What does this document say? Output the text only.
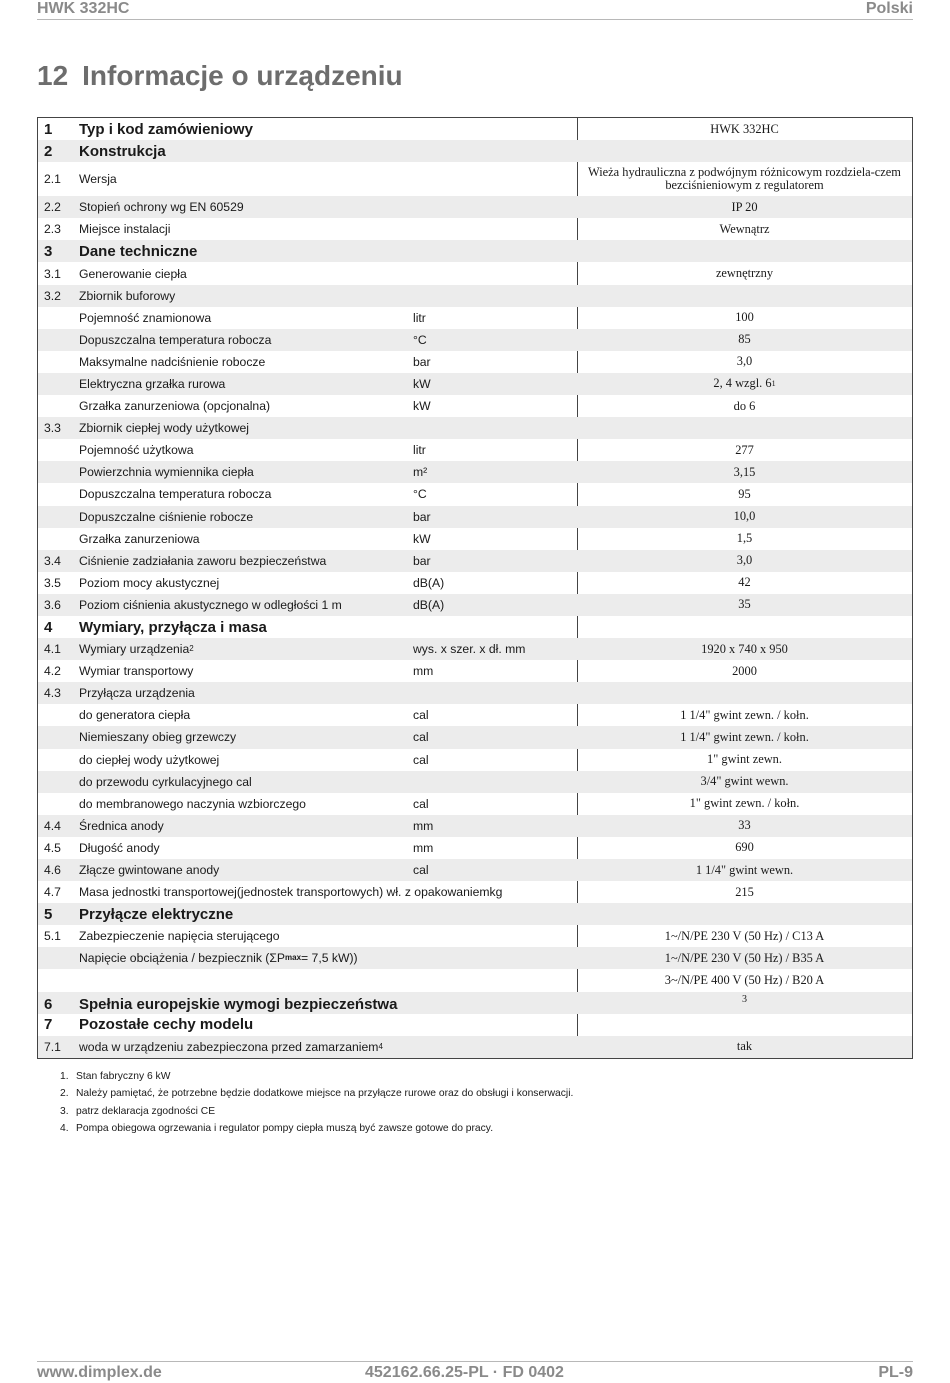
HWK 332HC	Polski
12 Informacje o urządzeniu
1	Typ i kod zamówieniowy	HWK 332HC
2	Konstrukcja
2.1	Wersja	Wieża hydrauliczna z podwójnym różnicowym rozdziela-czem bezciśnieniowym z regulatorem
2.2	Stopień ochrony wg EN 60529	IP 20
2.3	Miejsce instalacji	Wewnątrz
3	Dane techniczne
3.1	Generowanie ciepła	zewnętrzny
3.2	Zbiornik buforowy
Pojemność znamionowa	litr	100
Dopuszczalna temperatura robocza	°C	85
Maksymalne nadciśnienie robocze	bar	3,0
Elektryczna grzałka rurowa	kW	2, 4 wzgl. 6 1
Grzałka zanurzeniowa (opcjonalna)	kW	do 6
3.3	Zbiornik ciepłej wody użytkowej
Pojemność użytkowa	litr	277
Powierzchnia wymiennika ciepła	m²	3,15
Dopuszczalna temperatura robocza	°C	95
Dopuszczalne ciśnienie robocze	bar	10,0
Grzałka zanurzeniowa	kW	1,5
3.4	Ciśnienie zadziałania zaworu bezpieczeństwa	bar	3,0
3.5	Poziom mocy akustycznej	dB(A)	42
3.6	Poziom ciśnienia akustycznego w odległości 1 m	dB(A)	35
4	Wymiary, przyłącza i masa
4.1	Wymiary urządzenia 2	wys. x szer. x dł. mm	1920 x 740 x 950
4.2	Wymiar transportowy	mm	2000
4.3	Przyłącza urządzenia
do generatora ciepła	cal	1 1/4" gwint zewn. / kołn.
Niemieszany obieg grzewczy	cal	1 1/4" gwint zewn. / kołn.
do ciepłej wody użytkowej	cal	1" gwint zewn.
do przewodu cyrkulacyjnego cal	3/4" gwint wewn.
do membranowego naczynia wzbiorczego	cal	1" gwint zewn. / kołn.
4.4	Średnica anody	mm	33
4.5	Długość anody	mm	690
4.6	Złącze gwintowane anody	cal	1 1/4" gwint wewn.
4.7	Masa jednostki transportowej(jednostek transportowych) wł. z opakowaniemkg	215
5	Przyłącze elektryczne
5.1	Zabezpieczenie napięcia sterującego	1~/N/PE 230 V (50 Hz) / C13 A
Napięcie obciążenia / bezpiecznik (ΣP max = 7,5 kW))	1~/N/PE 230 V (50 Hz) / B35 A
3~/N/PE 400 V (50 Hz) / B20 A
6	Spełnia europejskie wymogi bezpieczeństwa	3
7	Pozostałe cechy modelu
7.1	woda w urządzeniu zabezpieczona przed zamarzaniem 4	tak
1. Stan fabryczny 6 kW
2. Należy pamiętać, że potrzebne będzie dodatkowe miejsce na przyłącze rurowe oraz do obsługi i konserwacji.
3. patrz deklaracja zgodności CE
4. Pompa obiegowa ogrzewania i regulator pompy ciepła muszą być zawsze gotowe do pracy.
www.dimplex.de	452162.66.25-PL · FD 0402	PL-9
